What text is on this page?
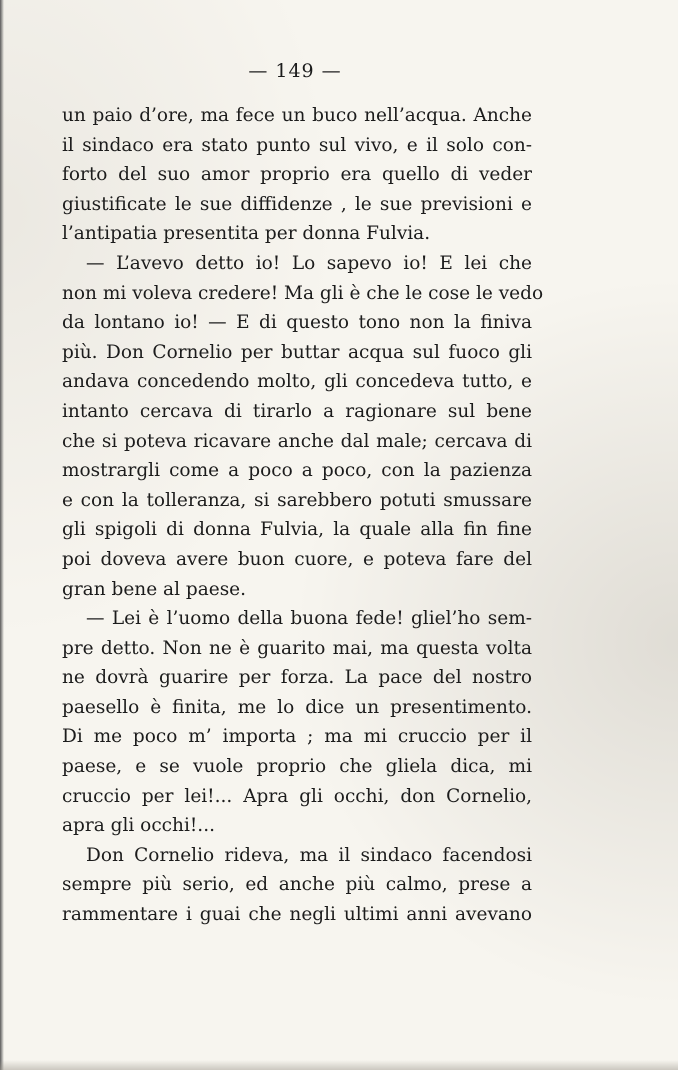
— 149 —
un paio d’ore, ma fece un buco nell’acqua. Anche
il sindaco era stato punto sul vivo, e il solo con-
forto del suo amor proprio era quello di veder
giustificate le sue diffidenze , le sue previsioni e
l’antipatia presentita per donna Fulvia.
— L’avevo detto io! Lo sapevo io! E lei che
non mi voleva credere! Ma gli è che le cose le vedo
da lontano io! — E di questo tono non la finiva
più. Don Cornelio per buttar acqua sul fuoco gli
andava concedendo molto, gli concedeva tutto, e
intanto cercava di tirarlo a ragionare sul bene
che si poteva ricavare anche dal male; cercava di
mostrargli come a poco a poco, con la pazienza
e con la tolleranza, si sarebbero potuti smussare
gli spigoli di donna Fulvia, la quale alla fin fine
poi doveva avere buon cuore, e poteva fare del
gran bene al paese.
— Lei è l’uomo della buona fede! gliel’ho sem-
pre detto. Non ne è guarito mai, ma questa volta
ne dovrà guarire per forza. La pace del nostro
paesello è finita, me lo dice un presentimento.
Di me poco m’ importa ; ma mi cruccio per il
paese, e se vuole proprio che gliela dica, mi
cruccio per lei!... Apra gli occhi, don Cornelio,
apra gli occhi!...
Don Cornelio rideva, ma il sindaco facendosi
sempre più serio, ed anche più calmo, prese a
rammentare i guai che negli ultimi anni avevano
